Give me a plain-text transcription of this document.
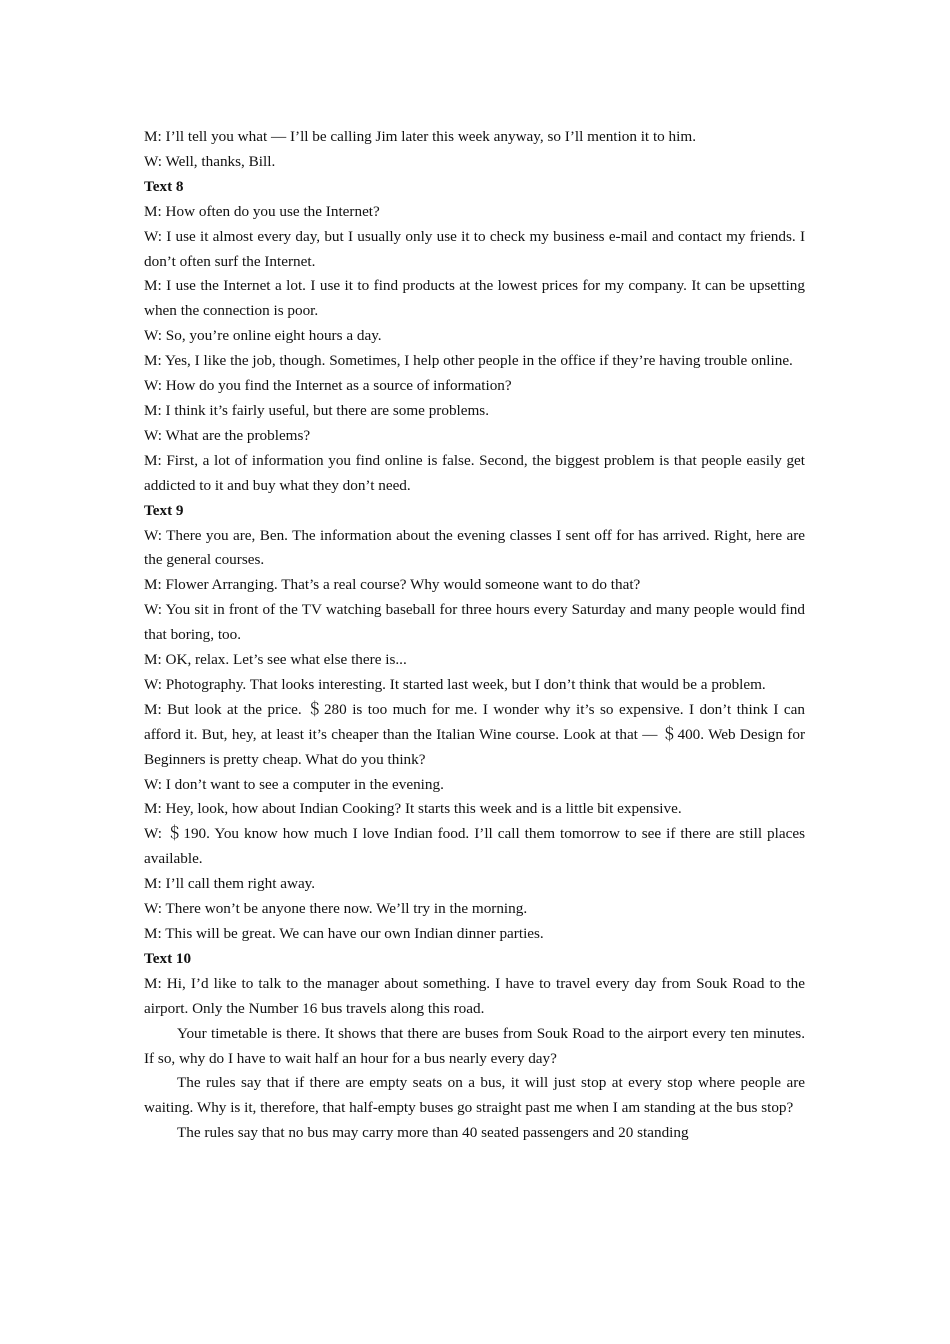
M: I’ll tell you what — I’ll be calling Jim later this week anyway, so I’ll mention it to him.

W: Well, thanks, Bill.

Text 8

M: How often do you use the Internet?

W: I use it almost every day, but I usually only use it to check my business e-mail and contact my friends. I don’t often surf the Internet.

M: I use the Internet a lot. I use it to find products at the lowest prices for my company. It can be upsetting when the connection is poor.

W: So, you’re online eight hours a day.

M: Yes, I like the job, though. Sometimes, I help other people in the office if they’re having trouble online.

W: How do you find the Internet as a source of information?

M: I think it’s fairly useful, but there are some problems.

W: What are the problems?

M: First, a lot of information you find online is false. Second, the biggest problem is that people easily get addicted to it and buy what they don’t need.

Text 9

W: There you are, Ben. The information about the evening classes I sent off for has arrived. Right, here are the general courses.

M: Flower Arranging. That’s a real course? Why would someone want to do that?

W: You sit in front of the TV watching baseball for three hours every Saturday and many people would find that boring, too.

M: OK, relax. Let’s see what else there is...

W: Photography. That looks interesting. It started last week, but I don’t think that would be a problem.

M: But look at the price. ＄280 is too much for me. I wonder why it’s so expensive. I don’t think I can afford it. But, hey, at least it’s cheaper than the Italian Wine course. Look at that — ＄400. Web Design for Beginners is pretty cheap. What do you think?

W: I don’t want to see a computer in the evening.

M: Hey, look, how about Indian Cooking? It starts this week and is a little bit expensive.

W: ＄190. You know how much I love Indian food. I’ll call them tomorrow to see if there are still places available.

M: I’ll call them right away.

W: There won’t be anyone there now. We’ll try in the morning.

M: This will be great. We can have our own Indian dinner parties.

Text 10

M: Hi, I’d like to talk to the manager about something. I have to travel every day from Souk Road to the airport. Only the Number 16 bus travels along this road.

Your timetable is there. It shows that there are buses from Souk Road to the airport every ten minutes. If so, why do I have to wait half an hour for a bus nearly every day?

The rules say that if there are empty seats on a bus, it will just stop at every stop where people are waiting. Why is it, therefore, that half-empty buses go straight past me when I am standing at the bus stop?

The rules say that no bus may carry more than 40 seated passengers and 20 standing
